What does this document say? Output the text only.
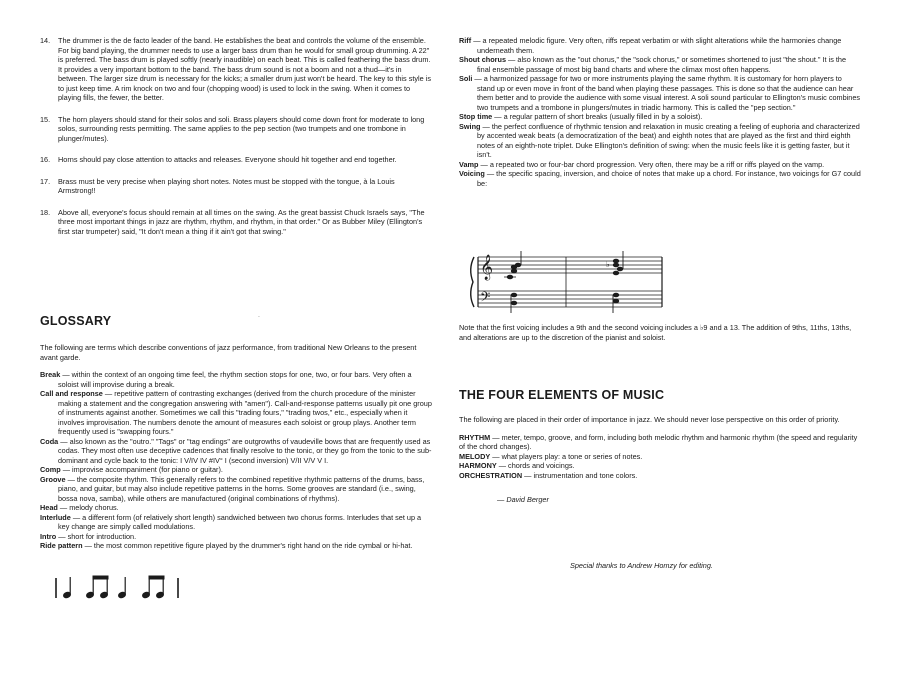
14.	The drummer is the de facto leader of the band. He establishes the beat and controls the volume of the ensemble. For big band playing, the drummer needs to use a larger bass drum than he would for small group drumming. A 22" is preferred. The bass drum is played softly (nearly inaudible) on each beat. This is called feathering the bass drum. It provides a very important bottom to the band. The bass drum sound is not a boom and not a thud—it's in between. The larger size drum is necessary for the kicks; a smaller drum just won't be heard. The key to this style is to just keep time. A rim knock on two and four (chopping wood) is used to lock in the swing. When it comes to playing fills, the fewer, the better.

15.	The horn players should stand for their solos and soli. Brass players should come down front for moderate to long solos, surrounding rests permitting. The same applies to the pep section (two trumpets and one trombone in plunger/mutes).

16.	Horns should pay close attention to attacks and releases. Everyone should hit together and end together.

17.	Brass must be very precise when playing short notes. Notes must be stopped with the tongue, à la Louis Armstrong!!

18.	Above all, everyone's focus should remain at all times on the swing. As the great bassist Chuck Israels says, "The three most important things in jazz are rhythm, rhythm, and rhythm, in that order." Or as Bubber Miley (Ellington's first star trumpeter) said, "It don't mean a thing if it ain't got that swing."

ˋ
GLOSSARY

The following are terms which describe conventions of jazz performance, from traditional New Orleans to the present avant garde.

Break — within the context of an ongoing time feel, the rhythm section stops for one, two, or four bars. Very often a soloist will improvise during a break.

Call and response — repetitive pattern of contrasting exchanges (derived from the church procedure of the minister making a statement and the congregation answering with "amen"). Call-and-response patterns usually pit one group of instruments against another. Sometimes we call this "trading fours," "trading twos," etc., especially when it involves improvisation. The numbers denote the amount of measures each soloist or group plays. Another term frequently used is "swapping fours."

Coda — also known as the "outro." "Tags" or "tag endings" are outgrowths of vaudeville bows that are frequently used as codas. They most often use deceptive cadences that finally resolve to the tonic, or they go from the tonic to the sub-dominant and cycle back to the tonic: I V/IV IV #IV° I (second inversion) V/II V/V V I.

Comp — improvise accompaniment (for piano or guitar).

Groove — the composite rhythm. This generally refers to the combined repetitive rhythmic patterns of the drums, bass, piano, and guitar, but may also include repetitive patterns in the horns. Some grooves are standard (i.e., swing, bossa nova, samba), while others are manufactured (original combinations of rhythms).

Head — melody chorus.

Interlude — a different form (of relatively short length) sandwiched between two chorus forms. Interludes that set up a key change are simply called modulations.

Intro — short for introduction.

Ride pattern — the most common repetitive figure played by the drummer's right hand on the ride cymbal or hi-hat.

Riff — a repeated melodic figure. Very often, riffs repeat verbatim or with slight alterations while the harmonies change underneath them.

Shout chorus — also known as the "out chorus," the "sock chorus," or sometimes shortened to just "the shout." It is the final ensemble passage of most big band charts and where the climax most often happens.

Soli — a harmonized passage for two or more instruments playing the same rhythm. It is customary for horn players to stand up or even move in front of the band when playing these passages. This is done so that the audience can hear them better and to provide the audience with some visual interest. A soli sound particular to Ellington's music combines two trumpets and a trombone in plungers/mutes in triadic harmony. This is called the "pep section."

Stop time — a regular pattern of short breaks (usually filled in by a soloist).

Swing — the perfect confluence of rhythmic tension and relaxation in music creating a feeling of euphoria and characterized by accented weak beats (a democratization of the beat) and eighth notes that are played as the first and third eighth notes of an eighth-note triplet. Duke Ellington's definition of swing: when the music feels like it is getting faster, but it isn't.

Vamp — a repeated two or four-bar chord progression. Very often, there may be a riff or riffs played on the vamp.

Voicing — the specific spacing, inversion, and choice of notes that make up a chord. For instance, two voicings for G7 could be:

𝄞
𝄢
♭

Note that the first voicing includes a 9th and the second voicing includes a ♭9 and a 13. The addition of 9ths, 11ths, 13ths, and alterations are up to the discretion of the pianist and soloist.

THE FOUR ELEMENTS OF MUSIC

The following are placed in their order of importance in jazz. We should never lose perspective on this order of priority.

RHYTHM — meter, tempo, groove, and form, including both melodic rhythm and harmonic rhythm (the speed and regularity of the chord changes).

MELODY — what players play: a tone or series of notes.

HARMONY — chords and voicings.

ORCHESTRATION — instrumentation and tone colors.

— David Berger

Special thanks to Andrew Homzy for editing.
